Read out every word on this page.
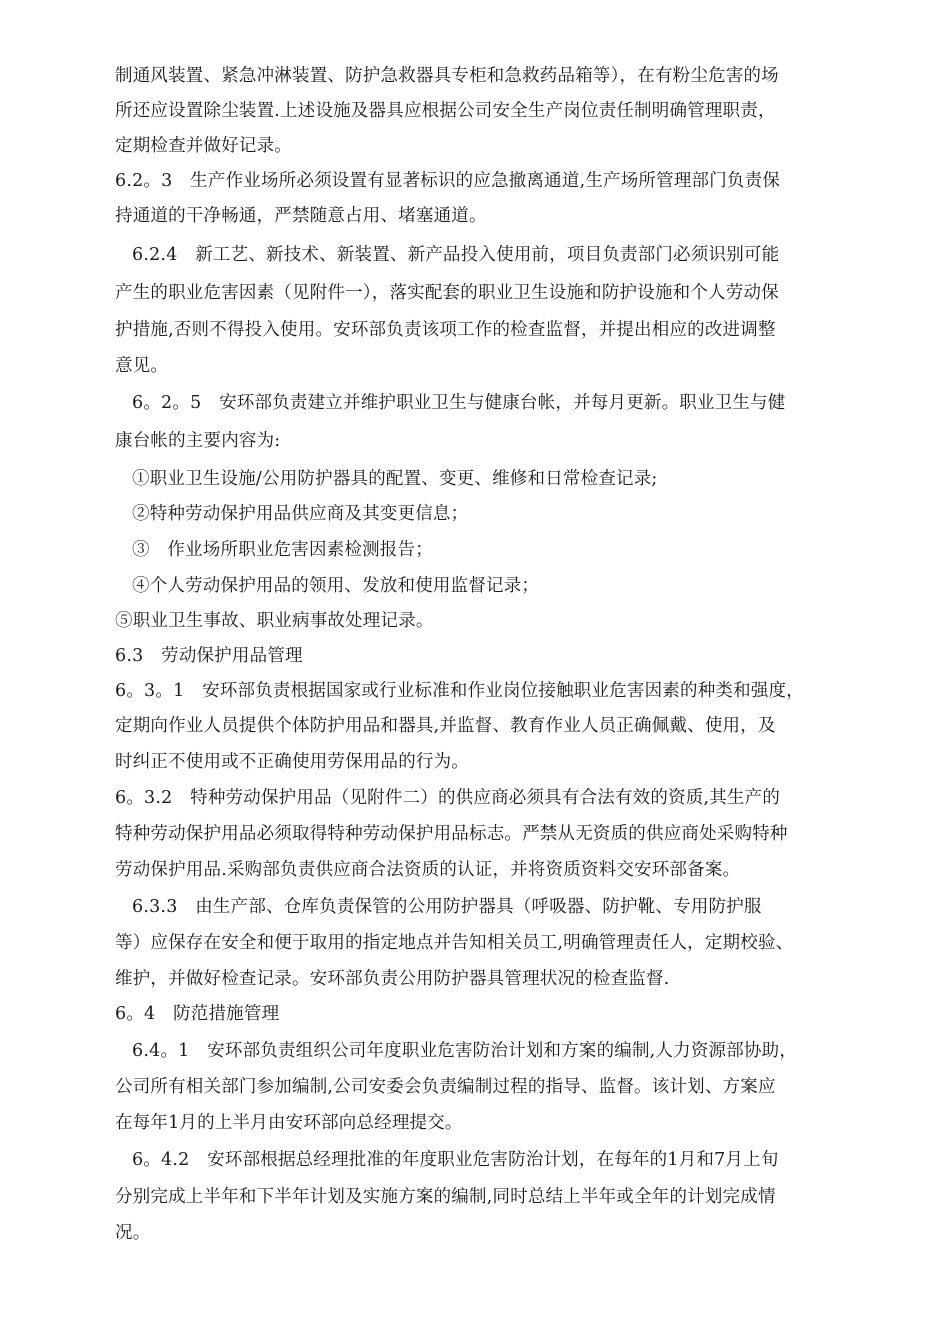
制通风装置、紧急冲淋装置、防护急救器具专柜和急救药品箱等），在有粉尘危害的场
所还应设置除尘装置.上述设施及器具应根据公司安全生产岗位责任制明确管理职责，
定期检查并做好记录。
6.2。3　生产作业场所必须设置有显著标识的应急撤离通道,生产场所管理部门负责保
持通道的干净畅通，严禁随意占用、堵塞通道。
6.2.4　新工艺、新技术、新装置、新产品投入使用前，项目负责部门必须识别可能
产生的职业危害因素（见附件一），落实配套的职业卫生设施和防护设施和个人劳动保
护措施,否则不得投入使用。安环部负责该项工作的检查监督，并提出相应的改进调整
意见。
6。2。5　安环部负责建立并维护职业卫生与健康台帐，并每月更新。职业卫生与健
康台帐的主要内容为:
①职业卫生设施/公用防护器具的配置、变更、维修和日常检查记录;
②特种劳动保护用品供应商及其变更信息；
③　作业场所职业危害因素检测报告；
④个人劳动保护用品的领用、发放和使用监督记录；
⑤职业卫生事故、职业病事故处理记录。
6.3　劳动保护用品管理
6。3。1　安环部负责根据国家或行业标准和作业岗位接触职业危害因素的种类和强度，
定期向作业人员提供个体防护用品和器具,并监督、教育作业人员正确佩戴、使用，及
时纠正不使用或不正确使用劳保用品的行为。
6。3.2　特种劳动保护用品（见附件二）的供应商必须具有合法有效的资质,其生产的
特种劳动保护用品必须取得特种劳动保护用品标志。严禁从无资质的供应商处采购特种
劳动保护用品.采购部负责供应商合法资质的认证，并将资质资料交安环部备案。
6.3.3　由生产部、仓库负责保管的公用防护器具（呼吸器、防护靴、专用防护服
等）应保存在安全和便于取用的指定地点并告知相关员工,明确管理责任人，定期校验、
维护，并做好检查记录。安环部负责公用防护器具管理状况的检查监督.
6。4　防范措施管理
6.4。1　安环部负责组织公司年度职业危害防治计划和方案的编制,人力资源部协助，
公司所有相关部门参加编制,公司安委会负责编制过程的指导、监督。该计划、方案应
在每年1月的上半月由安环部向总经理提交。
6。4.2　安环部根据总经理批准的年度职业危害防治计划，在每年的1月和7月上旬
分别完成上半年和下半年计划及实施方案的编制,同时总结上半年或全年的计划完成情
况。
